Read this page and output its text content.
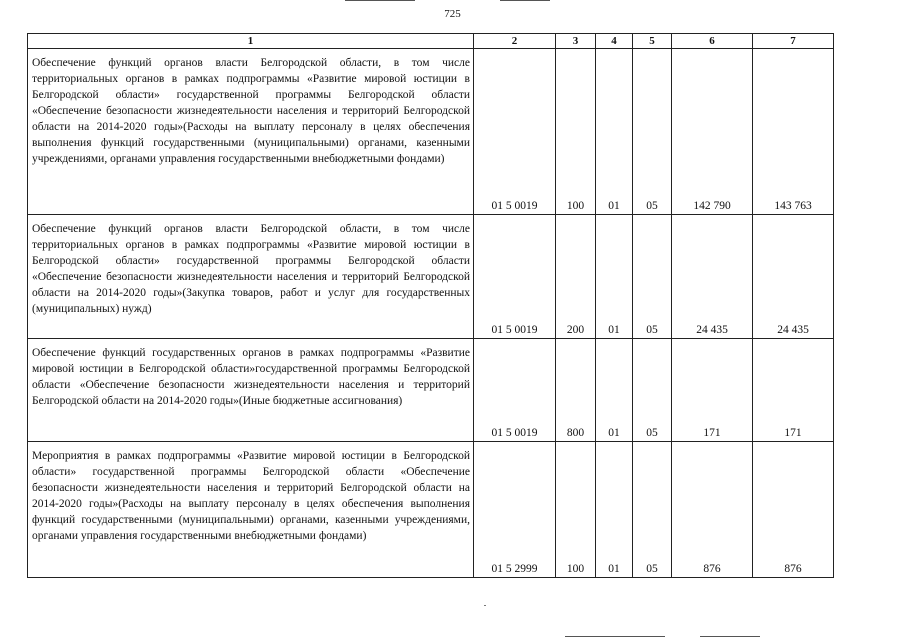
725
1	2	3	4	5	6	7
Обеспечение функций органов власти Белгородской области, в том числе территориальных органов в рамках подпрограммы «Развитие мировой юстиции в Белгородской области» государственной программы Белгородской области «Обеспечение безопасности жизнедеятельности населения и территорий Белгородской области на 2014-2020 годы»(Расходы на выплату персоналу в целях обеспечения выполнения функций государственными (муниципальными) органами, казенными учреждениями, органами управления государственными внебюджетными фондами)	01 5 0019	100	01	05	142 790	143 763
Обеспечение функций органов власти Белгородской области, в том числе территориальных органов в рамках подпрограммы «Развитие мировой юстиции в Белгородской области» государственной программы Белгородской области «Обеспечение безопасности жизнедеятельности населения и территорий Белгородской области на 2014-2020 годы»(Закупка товаров, работ и услуг для государственных (муниципальных) нужд)	01 5 0019	200	01	05	24 435	24 435
Обеспечение функций государственных органов в рамках подпрограммы «Развитие мировой юстиции в Белгородской области»государственной программы Белгородской области «Обеспечение безопасности жизнедеятельности населения и территорий Белгородской области на 2014-2020 годы»(Иные бюджетные ассигнования)	01 5 0019	800	01	05	171	171
Мероприятия в рамках подпрограммы «Развитие мировой юстиции в Белгородской области» государственной программы Белгородской области «Обеспечение безопасности жизнедеятельности населения и территорий Белгородской области на 2014-2020 годы»(Расходы на выплату персоналу в целях обеспечения выполнения функций государственными (муниципальными) органами, казенными учреждениями, органами управления государственными внебюджетными фондами)	01 5 2999	100	01	05	876	876
